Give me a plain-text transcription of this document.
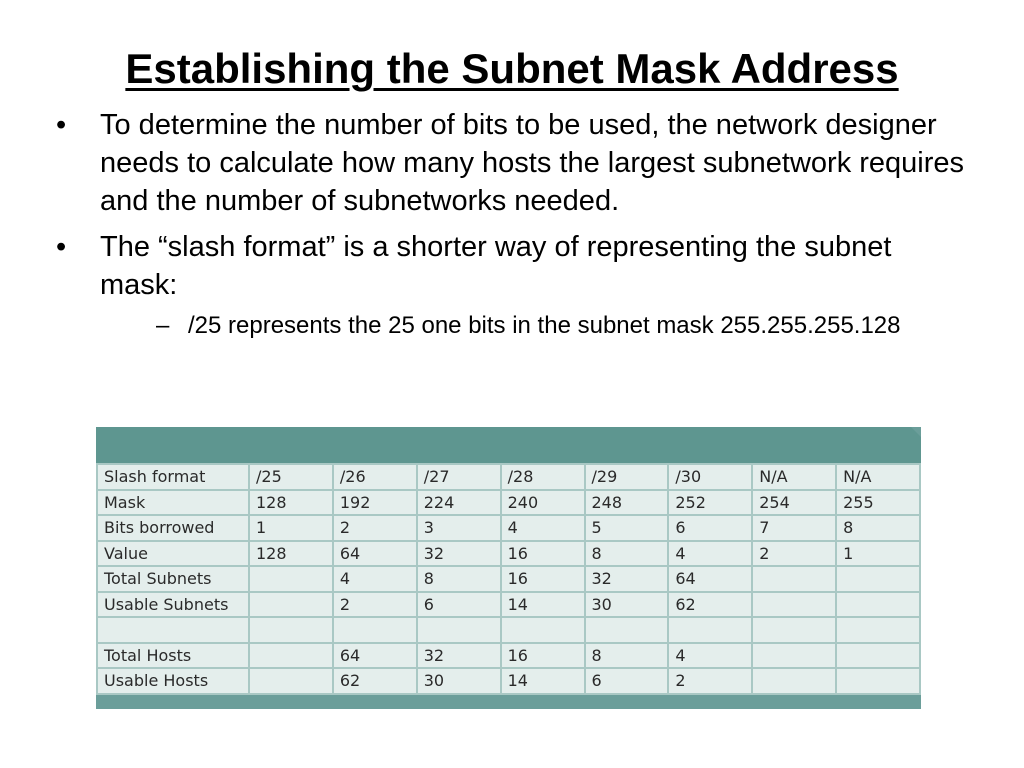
Establishing the Subnet Mask Address
• To determine the number of bits to be used, the network designer needs to calculate how many hosts the largest subnetwork requires and the number of subnetworks needed.
• The “slash format” is a shorter way of representing the subnet mask:
– /25 represents the 25 one bits in the subnet mask 255.255.255.128
Slash format	/25	/26	/27	/28	/29	/30	N/A	N/A
Mask	128	192	224	240	248	252	254	255
Bits borrowed	1	2	3	4	5	6	7	8
Value	128	64	32	16	8	4	2	1
Total Subnets		4	8	16	32	64		
Usable Subnets		2	6	14	30	62		

Total Hosts		64	32	16	8	4		
Usable Hosts		62	30	14	6	2		
